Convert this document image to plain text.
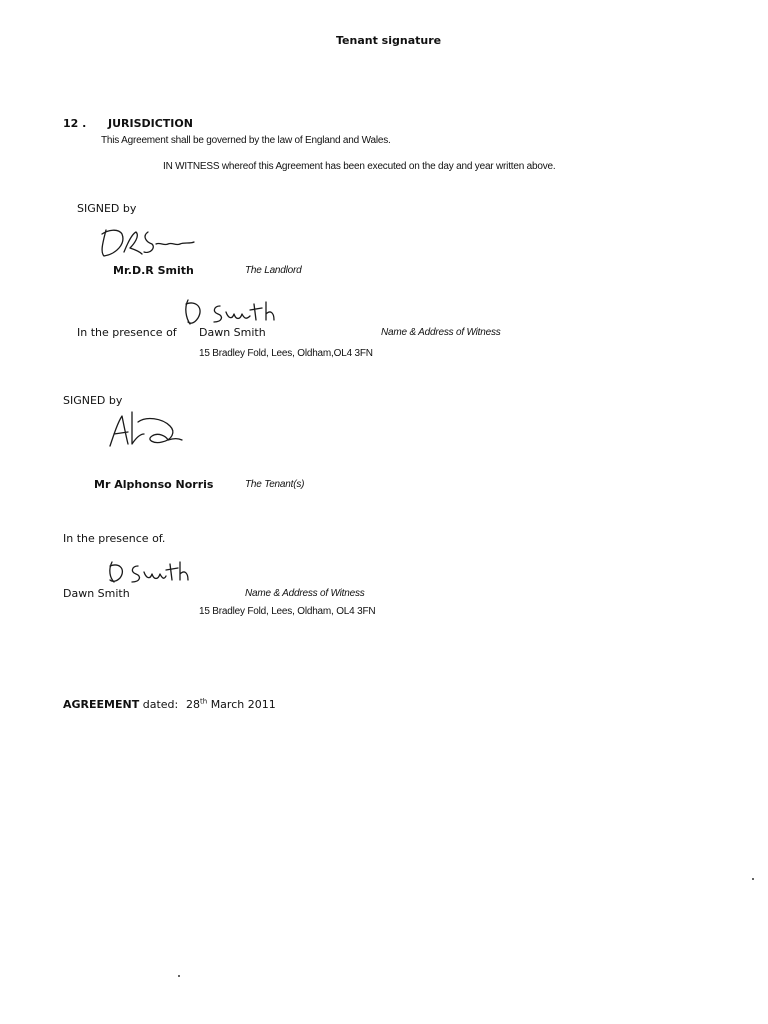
Tenant signature
12 . JURISDICTION
This Agreement shall be governed by the law of England and Wales.
IN WITNESS whereof this Agreement has been executed on the day and year written above.
SIGNED by
Mr.D.R Smith	The Landlord
In the presence of Dawn Smith	Name & Address of Witness
15 Bradley Fold, Lees, Oldham,OL4 3FN
SIGNED by
Mr Alphonso Norris	The Tenant(s)
In the presence of.
Dawn Smith	Name & Address of Witness
15 Bradley Fold, Lees, Oldham, OL4 3FN
AGREEMENT dated: 28th March 2011
